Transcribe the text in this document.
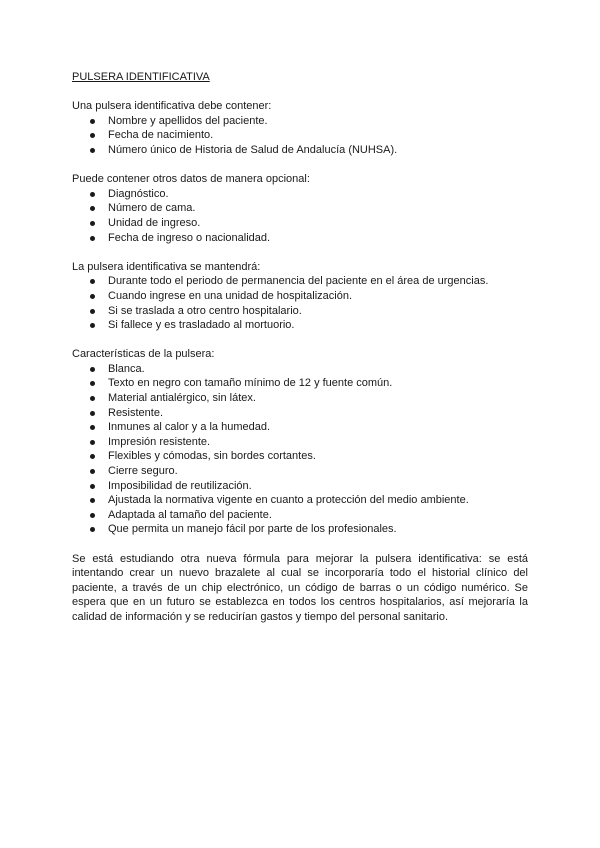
PULSERA IDENTIFICATIVA

Una pulsera identificativa debe contener:

Nombre y apellidos del paciente.
Fecha de nacimiento.
Número único de Historia de Salud de Andalucía (NUHSA).

Puede contener otros datos de manera opcional:

Diagnóstico.
Número de cama.
Unidad de ingreso.
Fecha de ingreso o nacionalidad.

La pulsera identificativa se mantendrá:

Durante todo el periodo de permanencia del paciente en el área de urgencias.
Cuando ingrese en una unidad de hospitalización.
Si se traslada a otro centro hospitalario.
Si fallece y es trasladado al mortuorio.

Características de la pulsera:

Blanca.
Texto en negro con tamaño mínimo de 12 y fuente común.
Material antialérgico, sin látex.
Resistente.
Inmunes al calor y a la humedad.
Impresión resistente.
Flexibles y cómodas, sin bordes cortantes.
Cierre seguro.
Imposibilidad de reutilización.
Ajustada la normativa vigente en cuanto a protección del medio ambiente.
Adaptada al tamaño del paciente.
Que permita un manejo fácil por parte de los profesionales.

Se está estudiando otra nueva fórmula para mejorar la pulsera identificativa: se está intentando crear un nuevo brazalete al cual se incorporaría todo el historial clínico del paciente, a través de un chip electrónico, un código de barras o un código numérico. Se espera que en un futuro se establezca en todos los centros hospitalarios, así mejoraría la calidad de información y se reducirían gastos y tiempo del personal sanitario.
